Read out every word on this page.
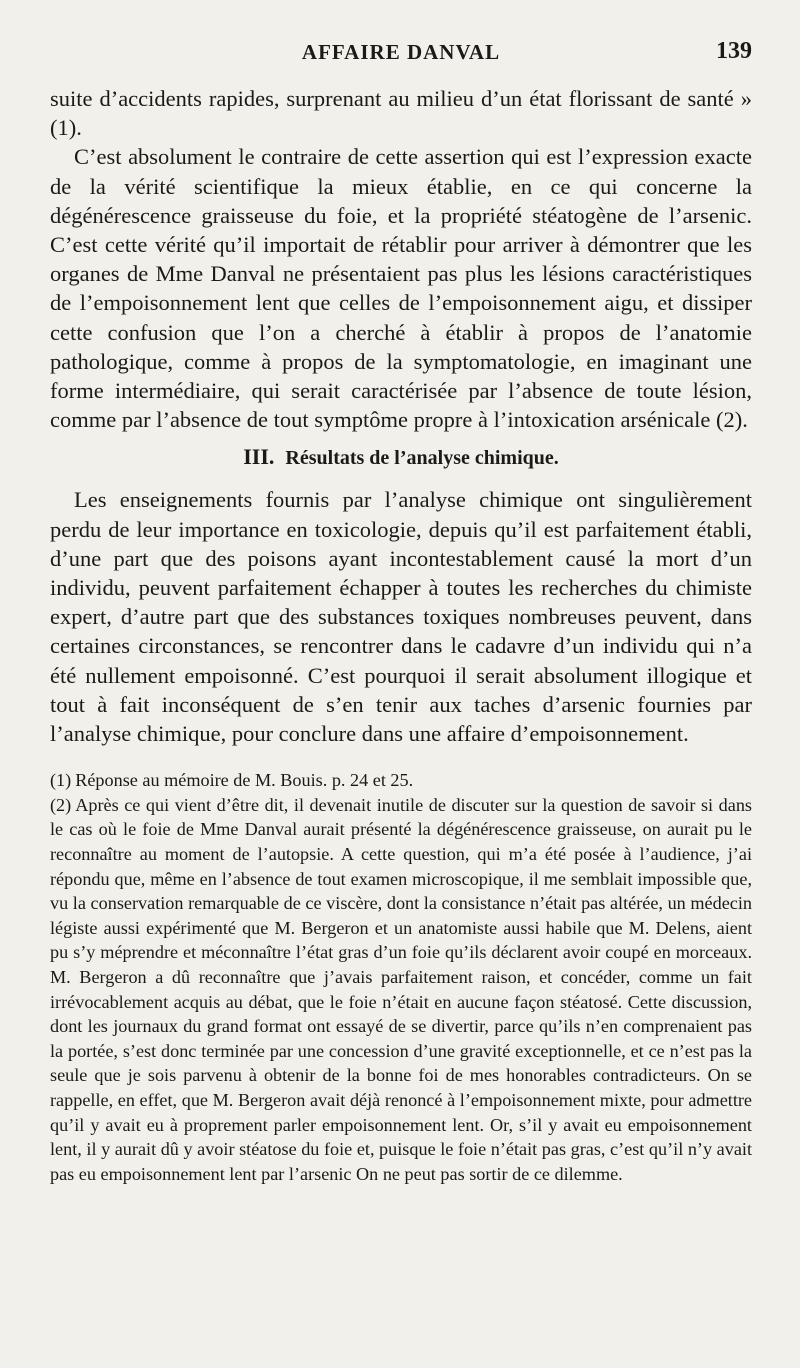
AFFAIRE DANVAL	139

suite d’accidents rapides, surprenant au milieu d’un état florissant de santé » (1).

C’est absolument le contraire de cette assertion qui est l’expression exacte de la vérité scientifique la mieux établie, en ce qui concerne la dégénérescence graisseuse du foie, et la propriété stéatogène de l’arsenic. C’est cette vérité qu’il importait de rétablir pour arriver à démontrer que les organes de Mme Danval ne présentaient pas plus les lésions caractéristiques de l’empoisonnement lent que celles de l’empoisonnement aigu, et dissiper cette confusion que l’on a cherché à établir à propos de l’anatomie pathologique, comme à propos de la symptomatologie, en imaginant une forme intermédiaire, qui serait caractérisée par l’absence de toute lésion, comme par l’absence de tout symptôme propre à l’intoxication arsénicale (2).

III. Résultats de l’analyse chimique.

Les enseignements fournis par l’analyse chimique ont singulièrement perdu de leur importance en toxicologie, depuis qu’il est parfaitement établi, d’une part que des poisons ayant incontestablement causé la mort d’un individu, peuvent parfaitement échapper à toutes les recherches du chimiste expert, d’autre part que des substances toxiques nombreuses peuvent, dans certaines circonstances, se rencontrer dans le cadavre d’un individu qui n’a été nullement empoisonné. C’est pourquoi il serait absolument illogique et tout à fait inconséquent de s’en tenir aux taches d’arsenic fournies par l’analyse chimique, pour conclure dans une affaire d’empoisonnement.

(1) Réponse au mémoire de M. Bouis. p. 24 et 25.

(2) Après ce qui vient d’être dit, il devenait inutile de discuter sur la question de savoir si dans le cas où le foie de Mme Danval aurait présenté la dégénérescence graisseuse, on aurait pu le reconnaître au moment de l’autopsie. A cette question, qui m’a été posée à l’audience, j’ai répondu que, même en l’absence de tout examen microscopique, il me semblait impossible que, vu la conservation remarquable de ce viscère, dont la consistance n’était pas altérée, un médecin légiste aussi expérimenté que M. Bergeron et un anatomiste aussi habile que M. Delens, aient pu s’y méprendre et méconnaître l’état gras d’un foie qu’ils déclarent avoir coupé en morceaux. M. Bergeron a dû reconnaître que j’avais parfaitement raison, et concéder, comme un fait irrévocablement acquis au débat, que le foie n’était en aucune façon stéatosé. Cette discussion, dont les journaux du grand format ont essayé de se divertir, parce qu’ils n’en comprenaient pas la portée, s’est donc terminée par une concession d’une gravité exceptionnelle, et ce n’est pas la seule que je sois parvenu à obtenir de la bonne foi de mes honorables contradicteurs. On se rappelle, en effet, que M. Bergeron avait déjà renoncé à l’empoisonnement mixte, pour admettre qu’il y avait eu à proprement parler empoisonnement lent. Or, s’il y avait eu empoisonnement lent, il y aurait dû y avoir stéatose du foie et, puisque le foie n’était pas gras, c’est qu’il n’y avait pas eu empoisonnement lent par l’arsenic On ne peut pas sortir de ce dilemme.
